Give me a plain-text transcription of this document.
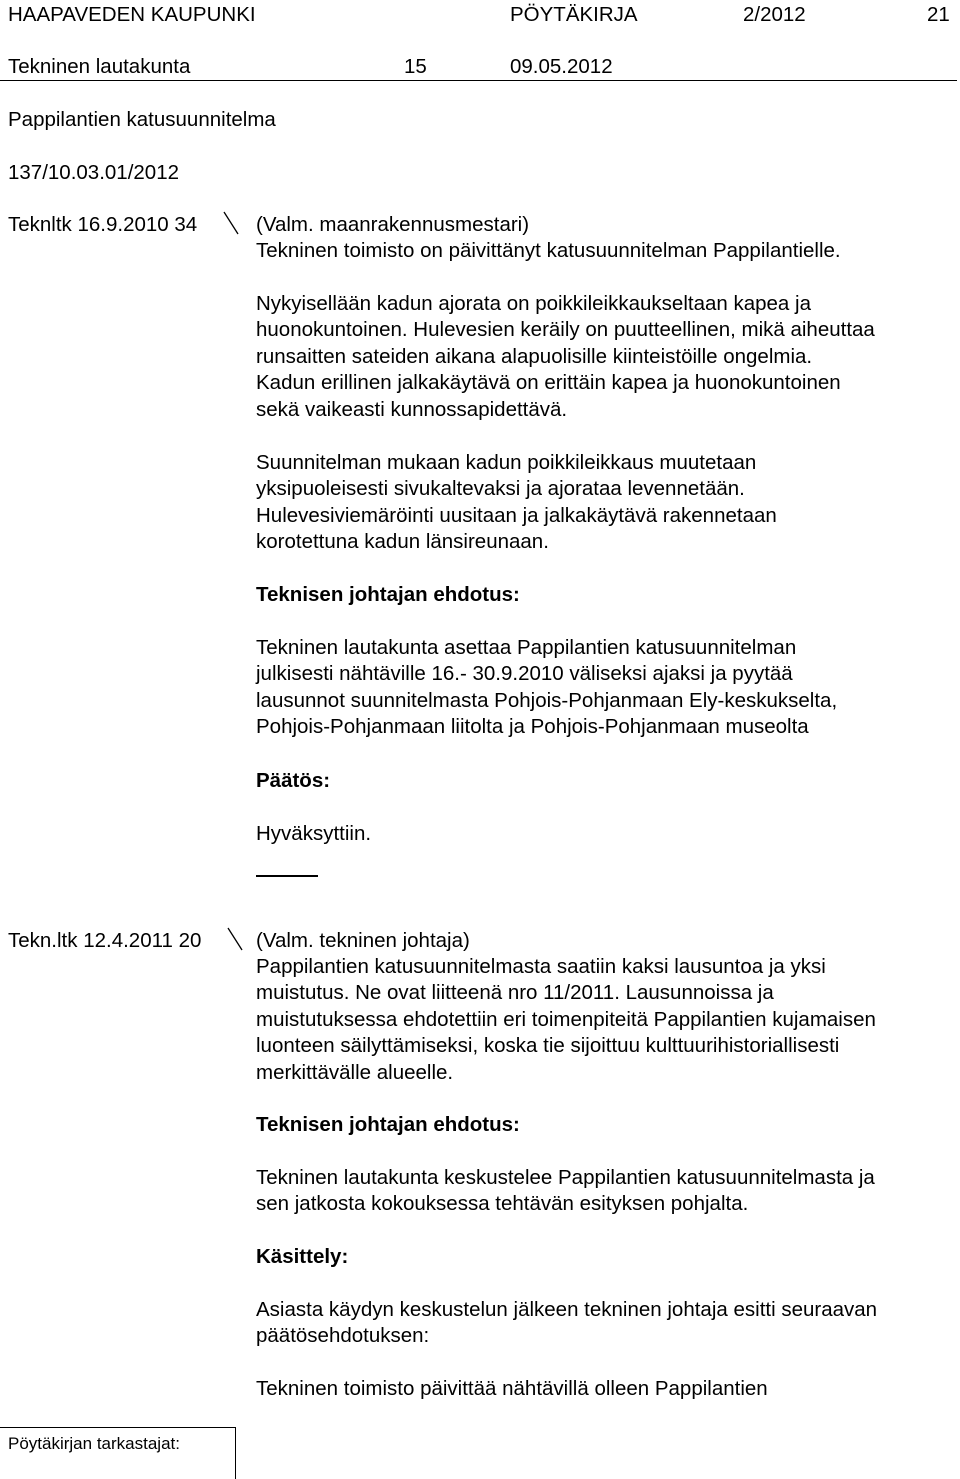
HAAPAVEDEN KAUPUNKI	PÖYTÄKIRJA	2/2012	21
Tekninen lautakunta	15	09.05.2012
Pappilantien katusuunnitelma
137/10.03.01/2012
Teknltk 16.9.2010 34	(Valm. maanrakennusmestari)
Tekninen toimisto on päivittänyt katusuunnitelman Pappilantielle.
Nykyisellään kadun ajorata on poikkileikkaukseltaan kapea ja
huonokuntoinen. Hulevesien keräily on puutteellinen, mikä aiheuttaa
runsaitten sateiden aikana alapuolisille kiinteistöille ongelmia.
Kadun erillinen jalkakäytävä on erittäin kapea ja huonokuntoinen
sekä vaikeasti kunnossapidettävä.
Suunnitelman mukaan kadun poikkileikkaus muutetaan
yksipuoleisesti sivukaltevaksi ja ajorataa levennetään.
Hulevesiviemäröinti uusitaan ja jalkakäytävä rakennetaan
korotettuna kadun länsireunaan.
Teknisen johtajan ehdotus:
Tekninen lautakunta asettaa Pappilantien katusuunnitelman
julkisesti nähtäville 16.- 30.9.2010 väliseksi ajaksi ja pyytää
lausunnot suunnitelmasta Pohjois-Pohjanmaan Ely-keskukselta,
Pohjois-Pohjanmaan liitolta ja Pohjois-Pohjanmaan museolta
Päätös:
Hyväksyttiin.
Tekn.ltk 12.4.2011 20	(Valm. tekninen johtaja)
Pappilantien katusuunnitelmasta saatiin kaksi lausuntoa ja yksi
muistutus. Ne ovat liitteenä nro 11/2011. Lausunnoissa ja
muistutuksessa ehdotettiin eri toimenpiteitä Pappilantien kujamaisen
luonteen säilyttämiseksi, koska tie sijoittuu kulttuurihistoriallisesti
merkittävälle alueelle.
Teknisen johtajan ehdotus:
Tekninen lautakunta keskustelee Pappilantien katusuunnitelmasta ja
sen jatkosta kokouksessa tehtävän esityksen pohjalta.
Käsittely:
Asiasta käydyn keskustelun jälkeen tekninen johtaja esitti seuraavan
päätösehdotuksen:
Tekninen toimisto päivittää nähtävillä olleen Pappilantien
Pöytäkirjan tarkastajat:
